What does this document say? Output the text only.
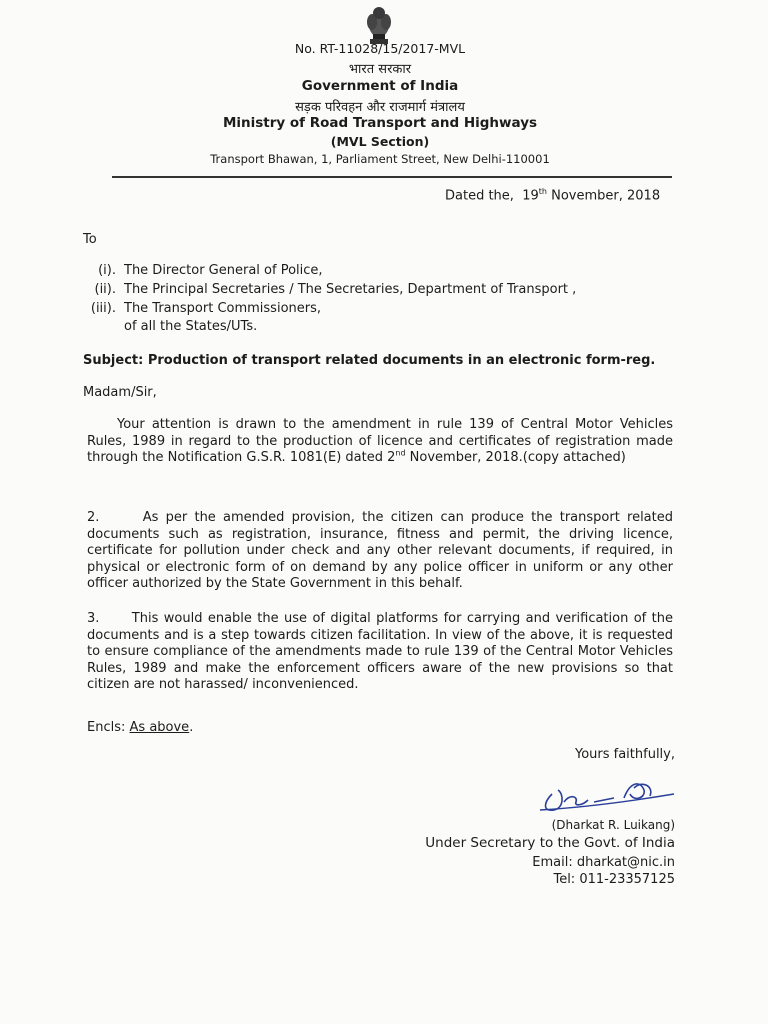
No. RT-11028/15/2017-MVL
भारत सरकार
Government of India
सड़क परिवहन और राजमार्ग मंत्रालय
Ministry of Road Transport and Highways
(MVL Section)
Transport Bhawan, 1, Parliament Street, New Delhi-110001
Dated the, 19th November, 2018
To
(i). The Director General of Police,
(ii). The Principal Secretaries / The Secretaries, Department of Transport ,
(iii). The Transport Commissioners,
of all the States/UTs.
Subject: Production of transport related documents in an electronic form-reg.
Madam/Sir,
Your attention is drawn to the amendment in rule 139 of Central Motor Vehicles Rules, 1989 in regard to the production of licence and certificates of registration made through the Notification G.S.R. 1081(E) dated 2nd November, 2018.(copy attached)
2.      As per the amended provision, the citizen can produce the transport related documents such as registration, insurance, fitness and permit, the driving licence, certificate for pollution under check and any other relevant documents, if required, in physical or electronic form of on demand by any police officer in uniform or any other officer authorized by the State Government in this behalf.
3.      This would enable the use of digital platforms for carrying and verification of the documents and is a step towards citizen facilitation. In view of the above, it is requested to ensure compliance of the amendments made to rule 139 of the Central Motor Vehicles Rules, 1989 and make the enforcement officers aware of the new provisions so that citizen are not harassed/ inconvenienced.
Encls: As above.
Yours faithfully,
(Dharkat R. Luikang)
Under Secretary to the Govt. of India
Email: dharkat@nic.in
Tel: 011-23357125
